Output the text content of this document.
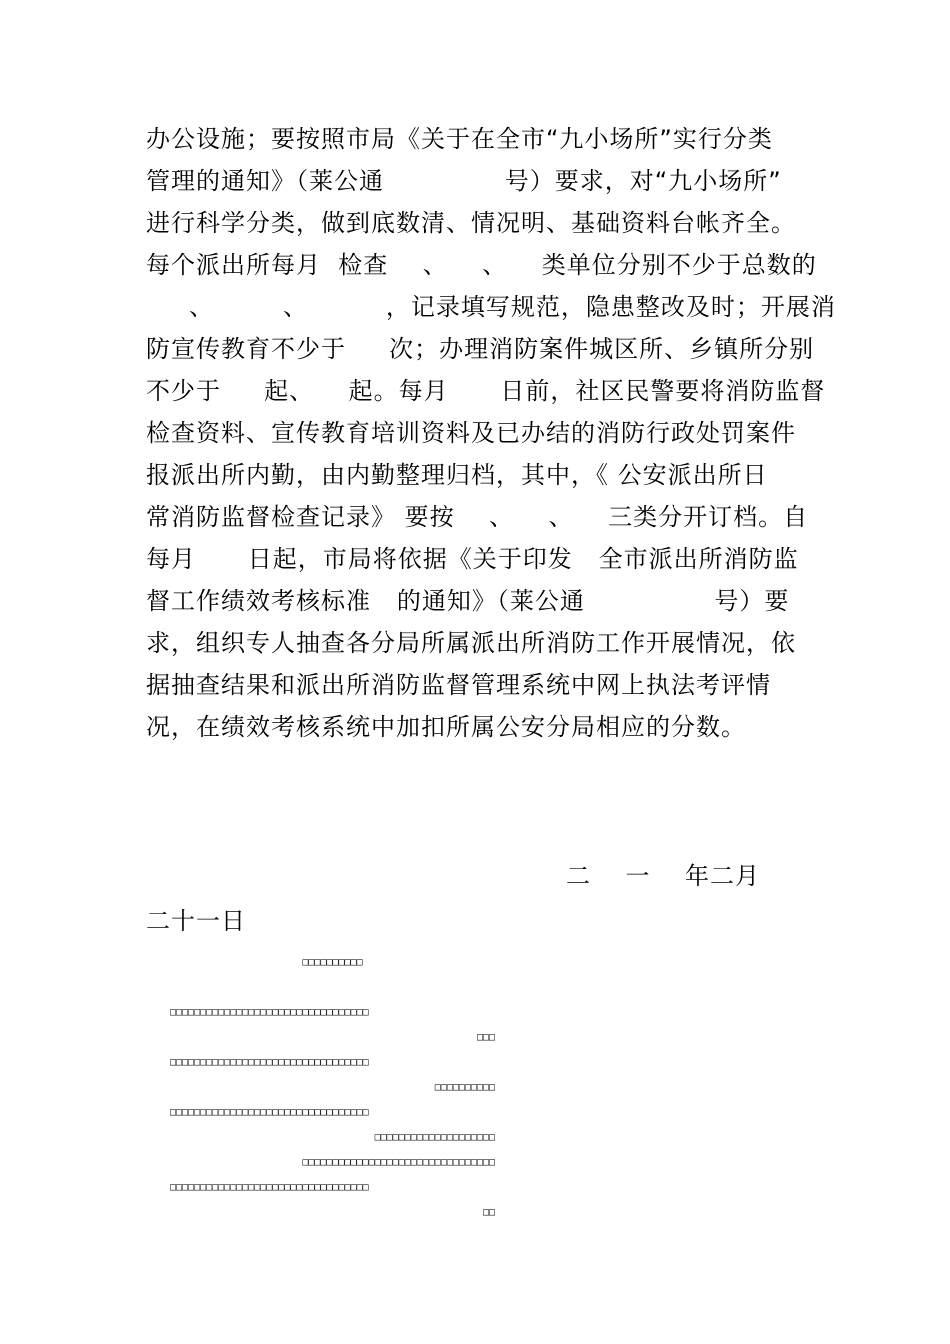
办公设施；要按照市局《关于在全市“九小场所”实行分类
管理的通知》（莱公通              号）要求，对“九小场所”
进行科学分类，做到底数清、情况明、基础资料台帐齐全。
每个派出所每月  检查    、    、    类单位分别不少于总数的
、        、         ，记录填写规范，隐患整改及时；开展消
防宣传教育不少于     次；办理消防案件城区所、乡镇所分别
不少于     起、    起。每月      日前，社区民警要将消防监督
检查资料、宣传教育培训资料及已办结的消防行政处罚案件
报派出所内勤，由内勤整理归档，其中，《 公安派出所日
常消防监督检查记录》 要按    、    、    三类分开订档。自
每月      日起，市局将依据《关于印发   全市派出所消防监
督工作绩效考核标准   的通知》（莱公通               号）要
求，组织专人抽查各分局所属派出所消防工作开展情况，依
据抽查结果和派出所消防监督管理系统中网上执法考评情
况，在绩效考核系统中加扣所属公安分局相应的分数。
二    一    年二月
二十一日
□□□□□□□□□□
□□□□□□□□□□□□□□□□□□□□□□□□□□□□□□□□□
□□□
□□□□□□□□□□□□□□□□□□□□□□□□□□□□□□□□□
□□□□□□□□□□
□□□□□□□□□□□□□□□□□□□□□□□□□□□□□□□□□
□□□□□□□□□□□□□□□□□□□□
□□□□□□□□□□□□□□□□□□□□□□□□□□□□□□□□
□□□□□□□□□□□□□□□□□□□□□□□□□□□□□□□□□
□□
